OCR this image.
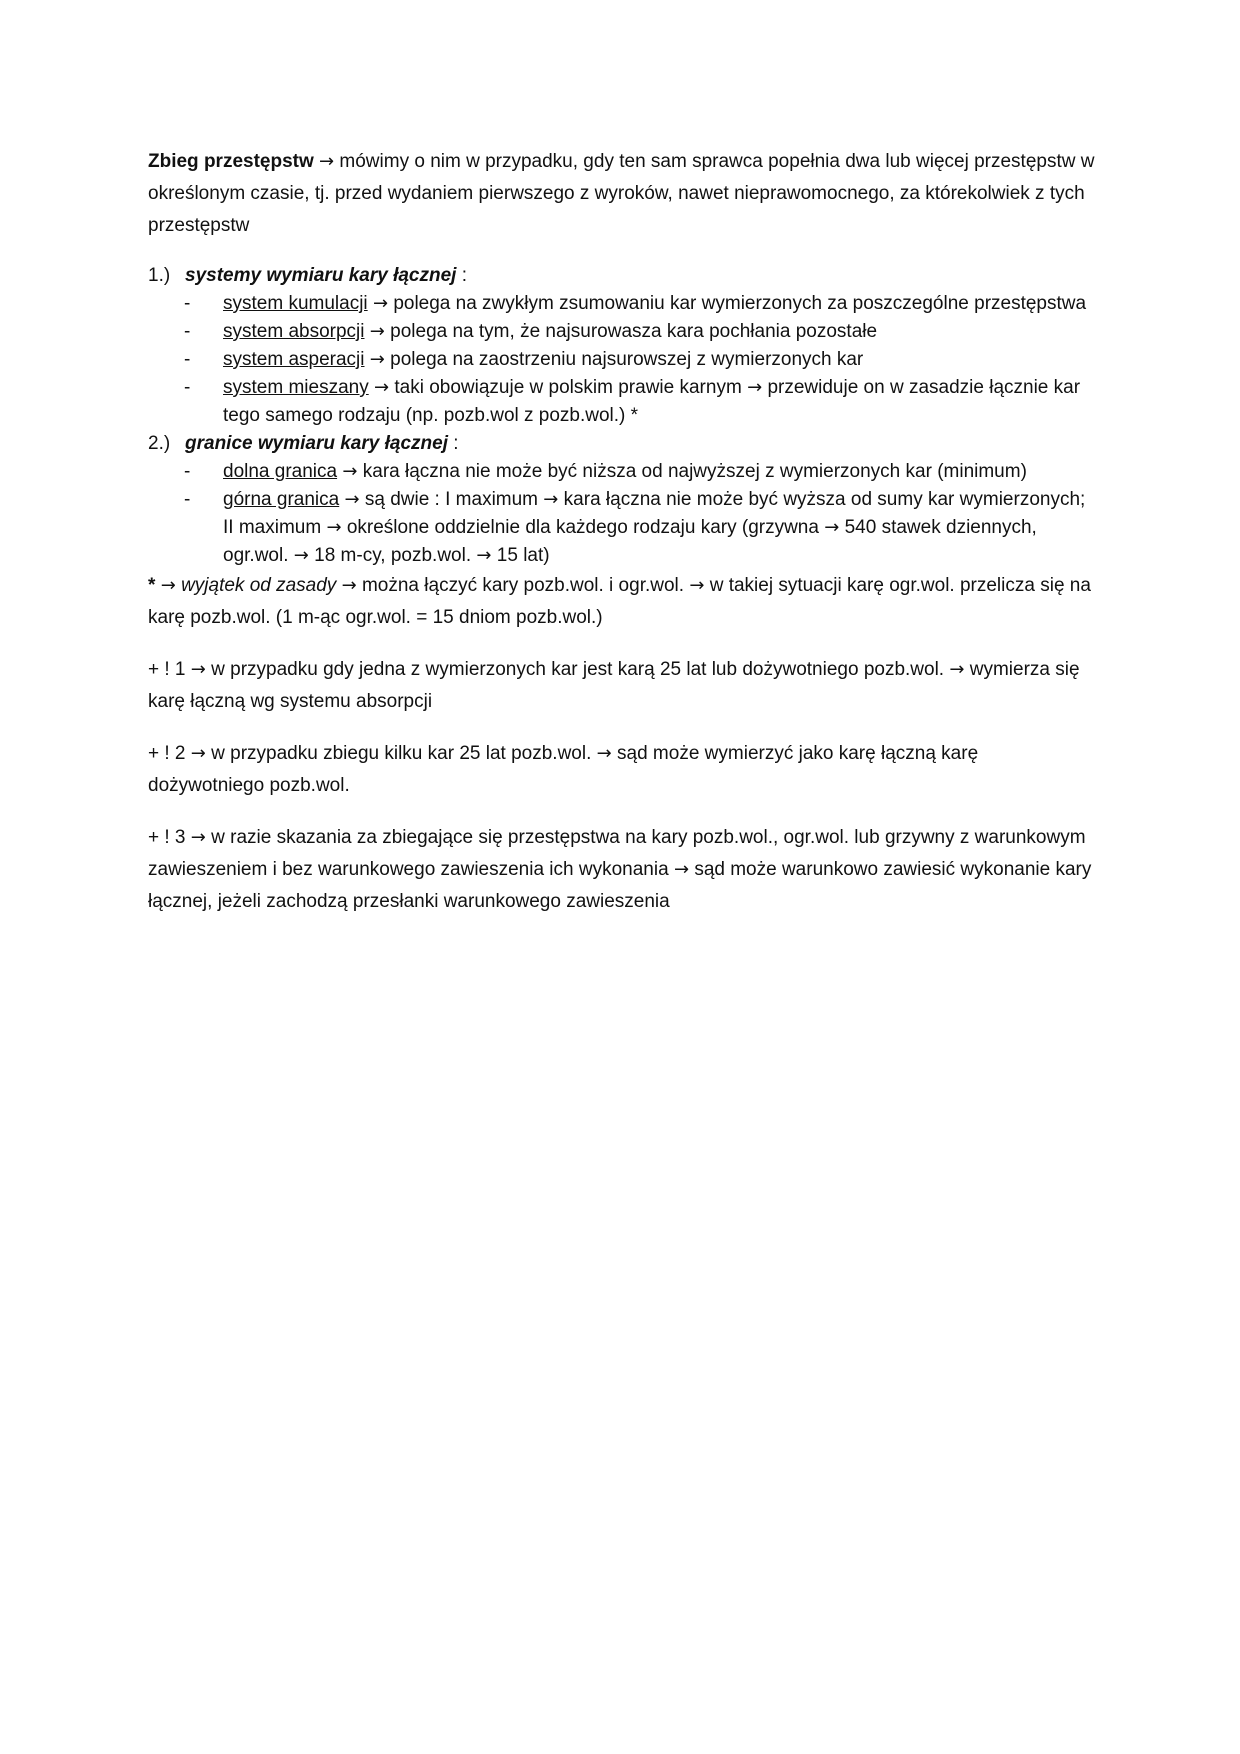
Zbieg przestępstw → mówimy o nim w przypadku, gdy ten sam sprawca popełnia dwa lub więcej przestępstw w określonym czasie, tj. przed wydaniem pierwszego z wyroków, nawet nieprawomocnego, za którekolwiek z tych przestępstw

1.) systemy wymiaru kary łącznej :
-	system kumulacji → polega na zwykłym zsumowaniu kar wymierzonych za poszczególne przestępstwa
-	system absorpcji → polega na tym, że najsurowasza kara pochłania pozostałe
-	system asperacji → polega na zaostrzeniu najsurowszej z wymierzonych kar
-	system mieszany → taki obowiązuje w polskim prawie karnym → przewiduje on w zasadzie łącznie kar tego samego rodzaju (np. pozb.wol z pozb.wol.) *
2.) granice wymiaru kary łącznej :
-	dolna granica → kara łączna nie może być niższa od najwyższej z wymierzonych kar (minimum)
-	górna granica → są dwie : I maximum → kara łączna nie może być wyższa od sumy kar wymierzonych; II maximum → określone oddzielnie dla każdego rodzaju kary (grzywna → 540 stawek dziennych, ogr.wol. → 18 m-cy, pozb.wol. → 15 lat)

* → wyjątek od zasady → można łączyć kary pozb.wol. i ogr.wol. → w takiej sytuacji karę ogr.wol. przelicza się na karę pozb.wol. (1 m-ąc ogr.wol. = 15 dniom pozb.wol.)

+ ! 1 → w przypadku gdy jedna z wymierzonych kar jest karą 25 lat lub dożywotniego pozb.wol. → wymierza się karę łączną wg systemu absorpcji

+ ! 2 → w przypadku zbiegu kilku kar 25 lat pozb.wol. → sąd może wymierzyć jako karę łączną karę dożywotniego pozb.wol.

+ ! 3 → w razie skazania za zbiegające się przestępstwa na kary pozb.wol., ogr.wol. lub grzywny z warunkowym zawieszeniem i bez warunkowego zawieszenia ich wykonania → sąd może warunkowo zawiesić wykonanie kary łącznej, jeżeli zachodzą przesłanki warunkowego zawieszenia
